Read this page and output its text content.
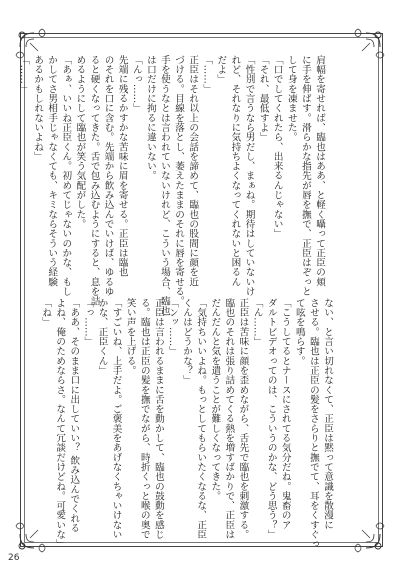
肩幅を寄せれば、臨也はああ、と軽く囁って正臣の頬
に手を伸ばす。滑らかな指先が唇を撫で、正臣はぞっと
して身を凍ませた。
「口でしてくれたら、出来るんじゃない」
「それ、最低すよ」
「性別で言うなら男だし、まぁね。期待はしていないけ
れど、それなりに気持ちよくなってくれないと困るん
だよ」
「……」
正臣はそれ以上の会話を諦めて、臨也の股間に顔を近
づける。目線を落とし、萎えたままのそれに唇を寄せる。
手を使うなとは言われていないけれど、こういう場合、臨也
は口だけに拘るに違いない。
「んっ……」
先端に残るかすかな苦味に眉を寄せる。正臣は臨也
のそれを口に含む。先端から飲み込んでいけば、ゆるゆ
ると硬くなってきた。舌で包み込むようにすると、息を詰
めるようにして臨也が笑う気配がした。
「あぁ、いいね正臣くん。初めてじゃないのかな、もし
かしてさ男相手じゃなくても、キミならそういう経験
あるかもしれないよね」
「……」
ない、と言い切れなくて、正臣は黙って意識を散漫に
させる。臨也は正臣の髪をさらりと撫でて、耳をくすぐっ
て呟を鳴らす。
「こうしてるとナースにされてる気分だね。鬼畜のア
ダルトビデオってのは、こういうのかな、どう思う？」
「ん……」
正臣は苦味に顔を歪めながら、舌先で臨也を刺激する。
臨也のそれは張り詰めてくる熱を増すばかりで、正臣は
だんだんと気を遣うことが難しくなってきた。
「気持ちいいよね。もっとしてもらいたくなるな、正臣
くんはどうかな？」
「ンッ……」
正臣は言われるままに舌を動かして、臨也の鼓動を感じ
る。臨也は正臣の髪を撫でながら、時折くっと喉の奥で
笑い声を上げる。
「すごいね、上手だよ。ご褒美をあげなくちゃいけない
かな、正臣くん」
「っ……」
「ああ、そのまま口に出していい？ 飲み込んでくれる
よね、俺のためならさ。なんて冗談だけどね。可愛いな」
「ね」
26
